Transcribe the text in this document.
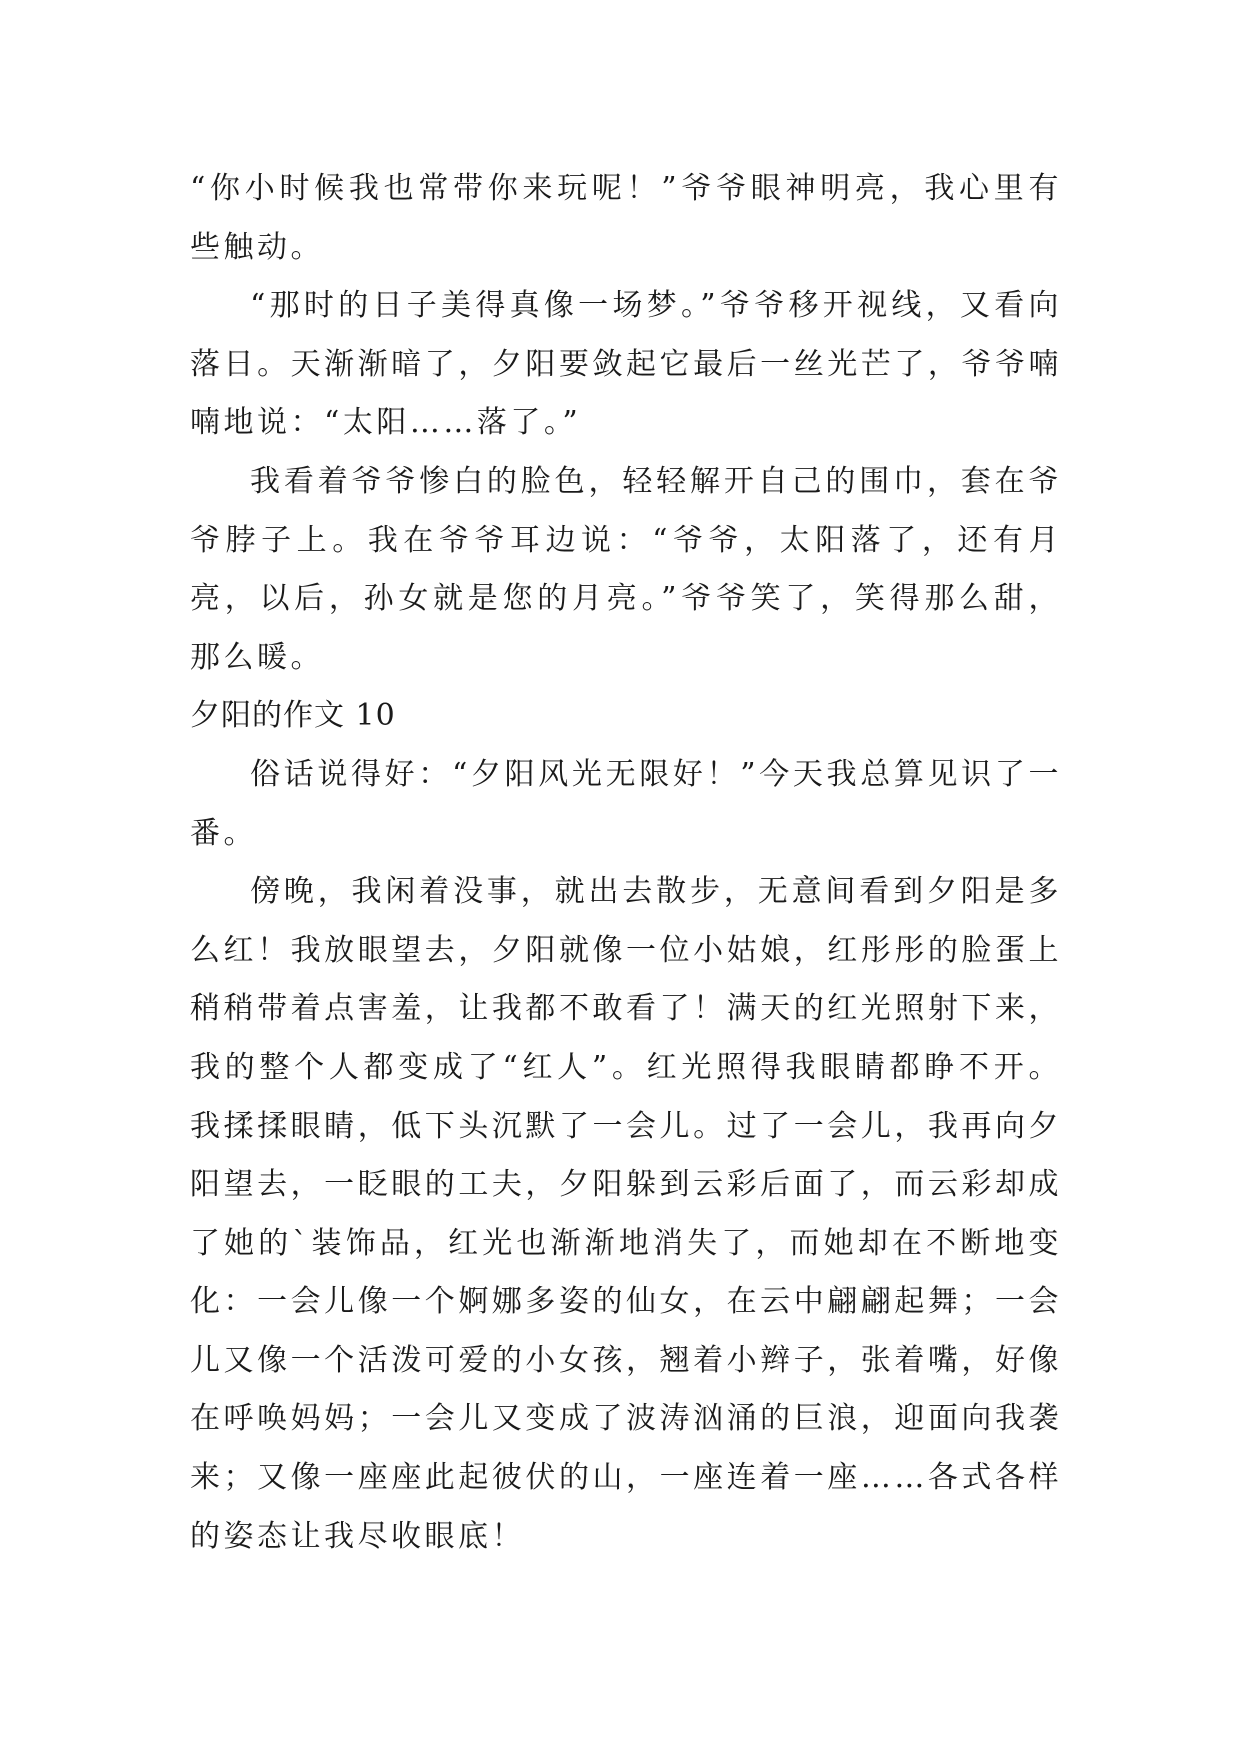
“你小时候我也常带你来玩呢！”爷爷眼神明亮，我心里有些触动。

“那时的日子美得真像一场梦。”爷爷移开视线，又看向落日。天渐渐暗了，夕阳要敛起它最后一丝光芒了，爷爷喃喃地说：“太阳……落了。”

我看着爷爷惨白的脸色，轻轻解开自己的围巾，套在爷爷脖子上。我在爷爷耳边说：“爷爷，太阳落了，还有月亮，以后，孙女就是您的月亮。”爷爷笑了，笑得那么甜，那么暖。

夕阳的作文 10

俗话说得好：“夕阳风光无限好！”今天我总算见识了一番。

傍晚，我闲着没事，就出去散步，无意间看到夕阳是多么红！我放眼望去，夕阳就像一位小姑娘，红彤彤的脸蛋上稍稍带着点害羞，让我都不敢看了！满天的红光照射下来，我的整个人都变成了“红人”。红光照得我眼睛都睁不开。我揉揉眼睛，低下头沉默了一会儿。过了一会儿，我再向夕阳望去，一眨眼的工夫，夕阳躲到云彩后面了，而云彩却成了她的`装饰品，红光也渐渐地消失了，而她却在不断地变化：一会儿像一个婀娜多姿的仙女，在云中翩翩起舞；一会儿又像一个活泼可爱的小女孩，翘着小辫子，张着嘴，好像在呼唤妈妈；一会儿又变成了波涛汹涌的巨浪，迎面向我袭来；又像一座座此起彼伏的山，一座连着一座……各式各样的姿态让我尽收眼底！
